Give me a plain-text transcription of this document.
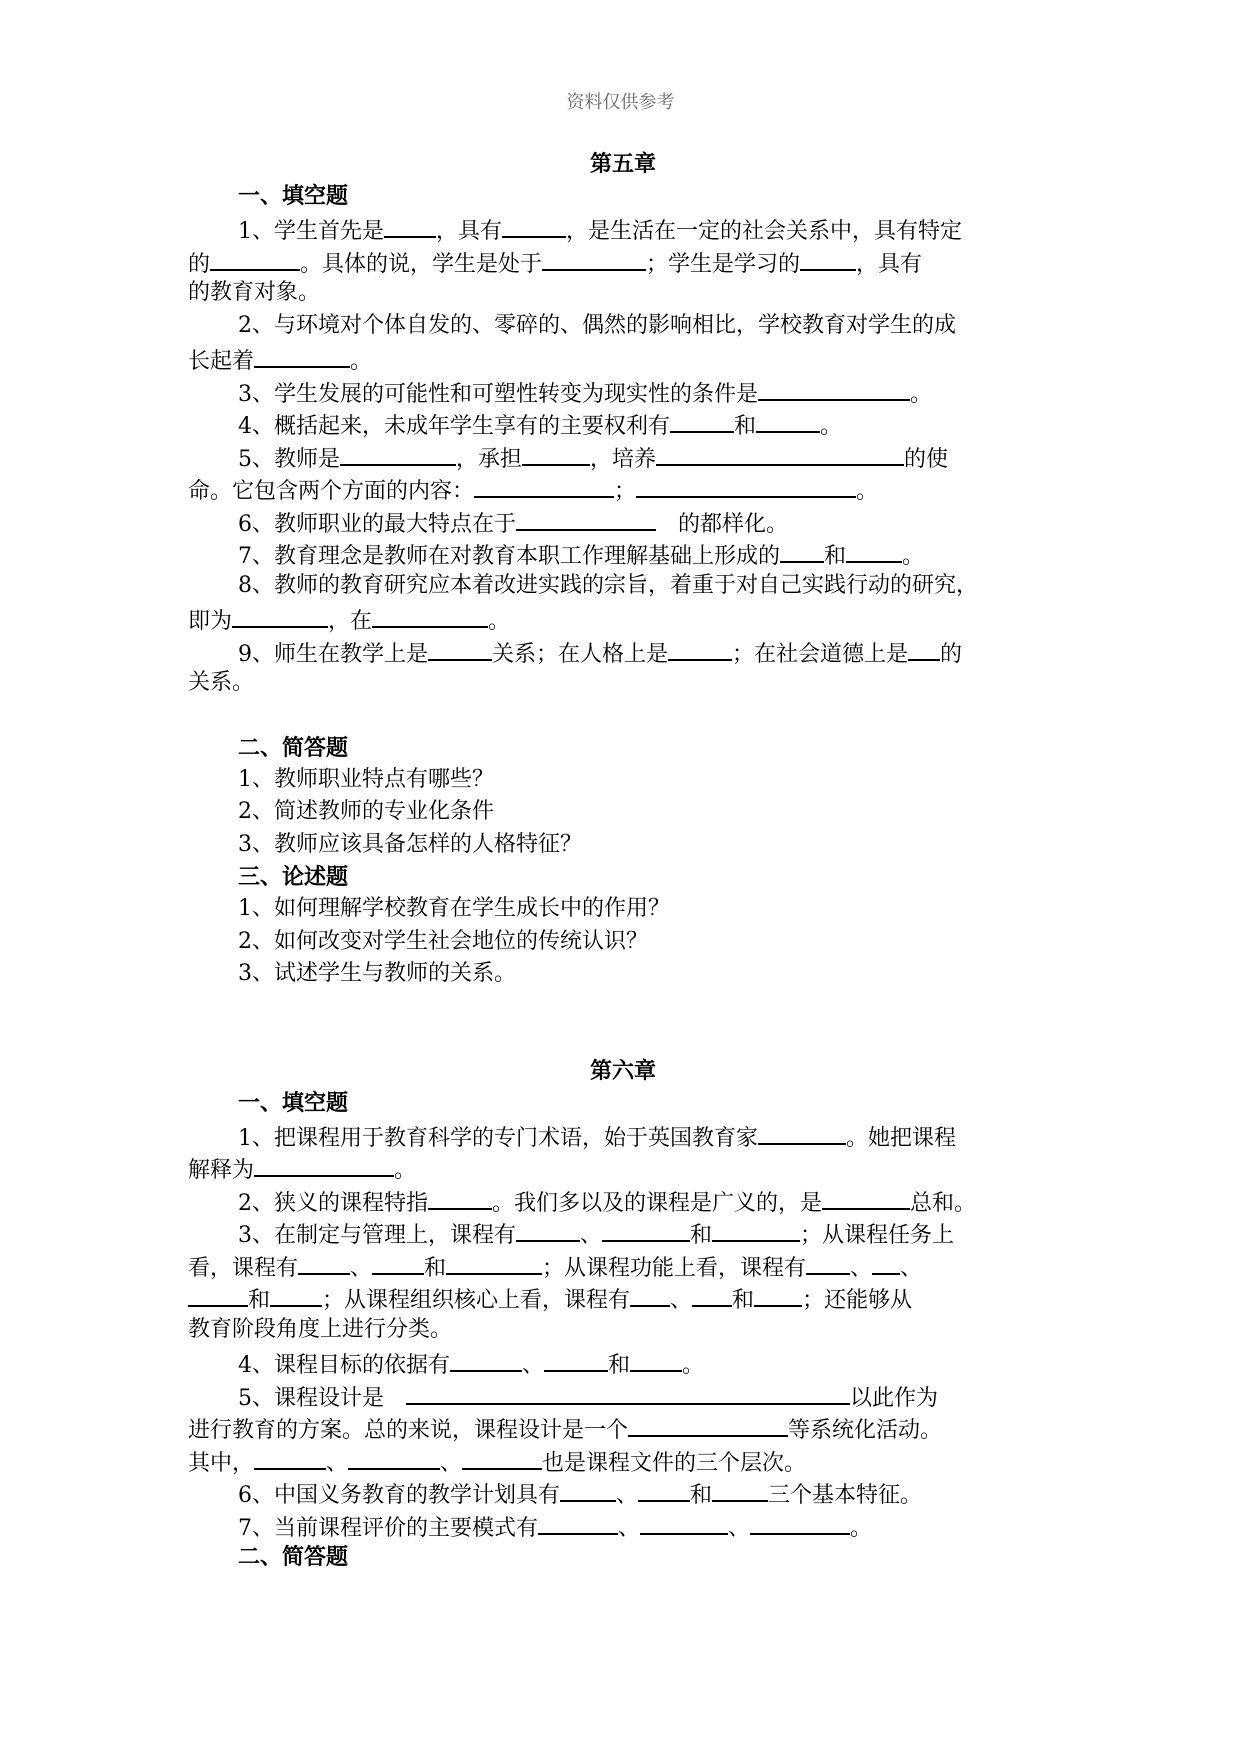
资料仅供参考
第五章
一、填空题
1、学生首先是 ，具有	，是生活在一定的社会关系中，具有特定
的	。具体的说，学生是处于	；学生是学习的	，具有
的教育对象。
2、与环境对个体自发的、零碎的、偶然的影响相比，学校教育对学生的成
长起着	。
3、学生发展的可能性和可塑性转变为现实性的条件是	。
4、概括起来，未成年学生享有的主要权利有	和	。
5、教师是	，承担	，培养	的使
命。它包含两个方面的内容：	；	。
6、教师职业的最大特点在于	的都样化。
7、教育理念是教师在对教育本职工作理解基础上形成的 和	。
8、教师的教育研究应本着改进实践的宗旨，着重于对自己实践行动的研究，
即为	，在	。
9、师生在教学上是	关系；在人格上是	；在社会道德上是 的
关系。
二、简答题
1、教师职业特点有哪些？
2、简述教师的专业化条件
3、教师应该具备怎样的人格特征？
三、论述题
1、如何理解学校教育在学生成长中的作用？
2、如何改变对学生社会地位的传统认识？
3、试述学生与教师的关系。
第六章
一、填空题
1、把课程用于教育科学的专门术语，始于英国教育家	。她把课程
解释为	。
2、狭义的课程特指	。我们多以及的课程是广义的，是	总和。
3、在制定与管理上，课程有	、	和	；从课程任务上
看，课程有 、 和	；从课程功能上看，课程有 、 、
和 ；从课程组织核心上看，课程有 、 和 ；还能够从
教育阶段角度上进行分类。
4、课程目标的依据有	、	和 。
5、课程设计是	以此作为
进行教育的方案。总的来说，课程设计是一个	等系统化活动。
其中，	、	、	也是课程文件的三个层次。
6、中国义务教育的教学计划具有	、 和	三个基本特征。
7、当前课程评价的主要模式有	、	、	。
二、简答题
